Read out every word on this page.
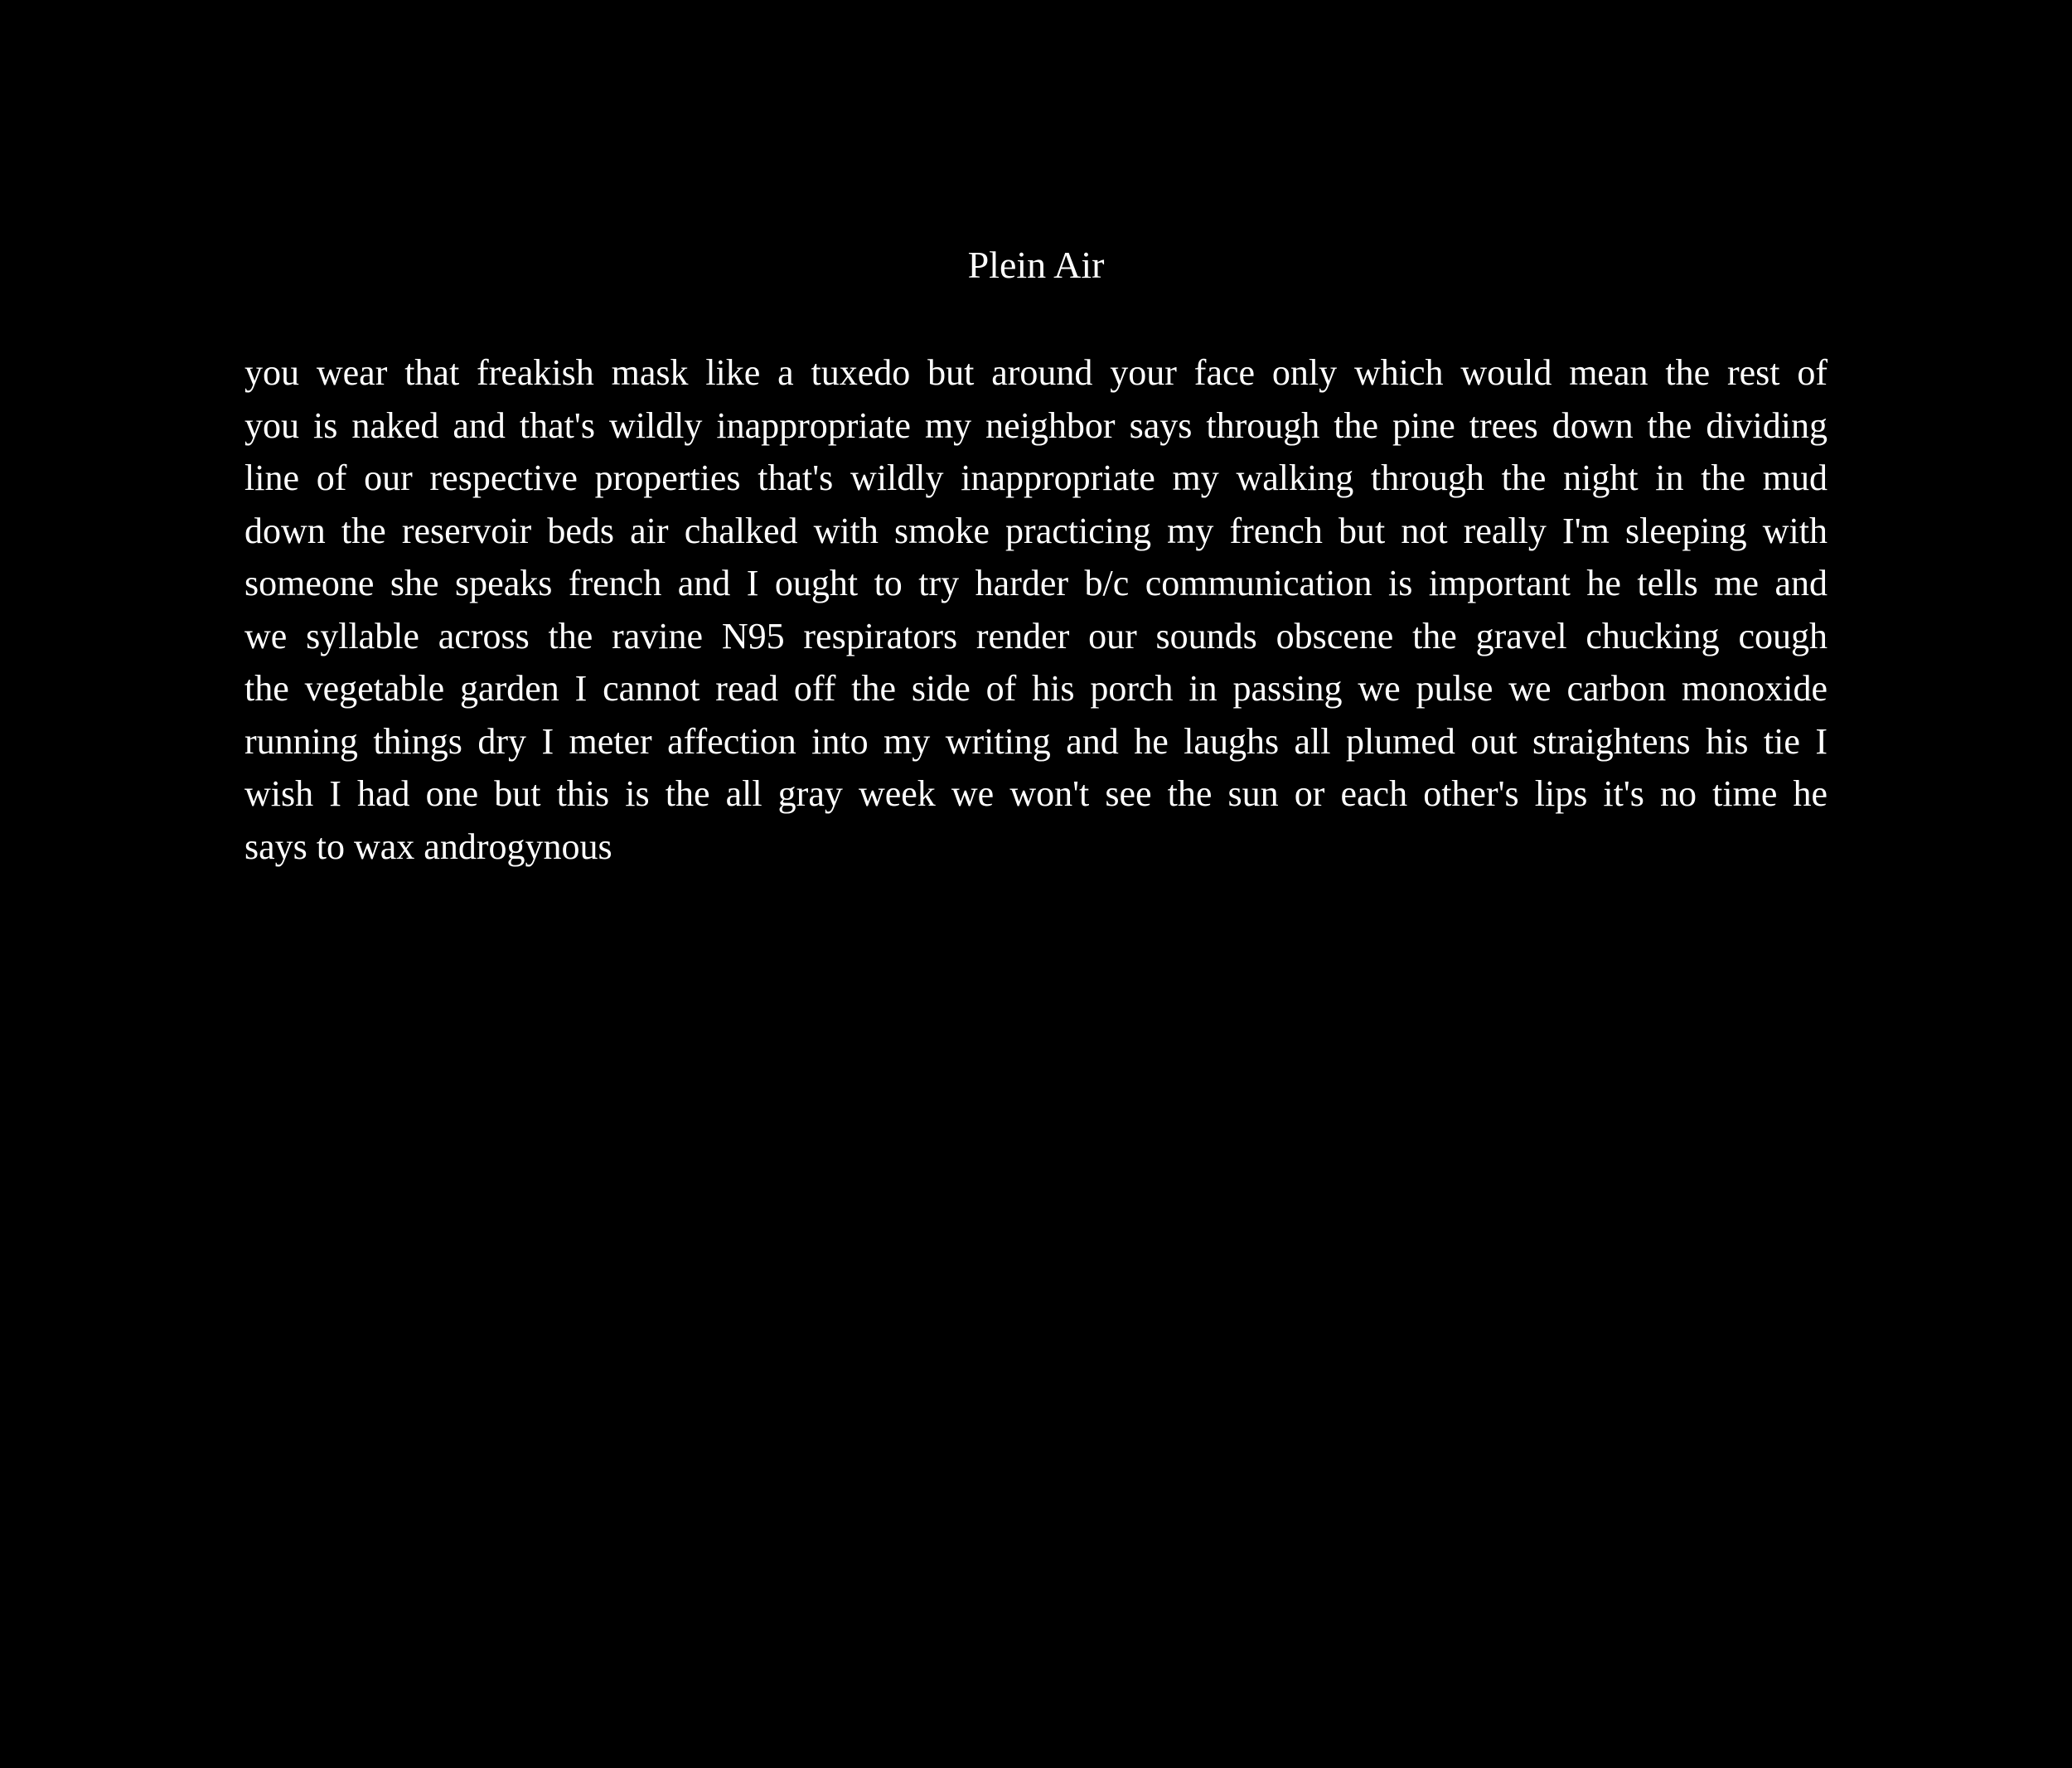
Plein Air
you wear that freakish mask like a tuxedo but around your face only which would mean the rest of
you is naked and that's wildly inappropriate my neighbor says through the pine trees down the dividing
line of our respective properties that's wildly inappropriate my walking through the night in the mud
down the reservoir beds air chalked with smoke practicing my french but not really I'm sleeping with
someone she speaks french and I ought to try harder b/c communication is important he tells me and
we syllable across the ravine N95 respirators render our sounds obscene the gravel chucking cough
the vegetable garden I cannot read off the side of his porch in passing we pulse we carbon monoxide
running things dry I meter affection into my writing and he laughs all plumed out straightens his tie I
wish I had one but this is the all gray week we won't see the sun or each other's lips it's no time he
says to wax androgynous
